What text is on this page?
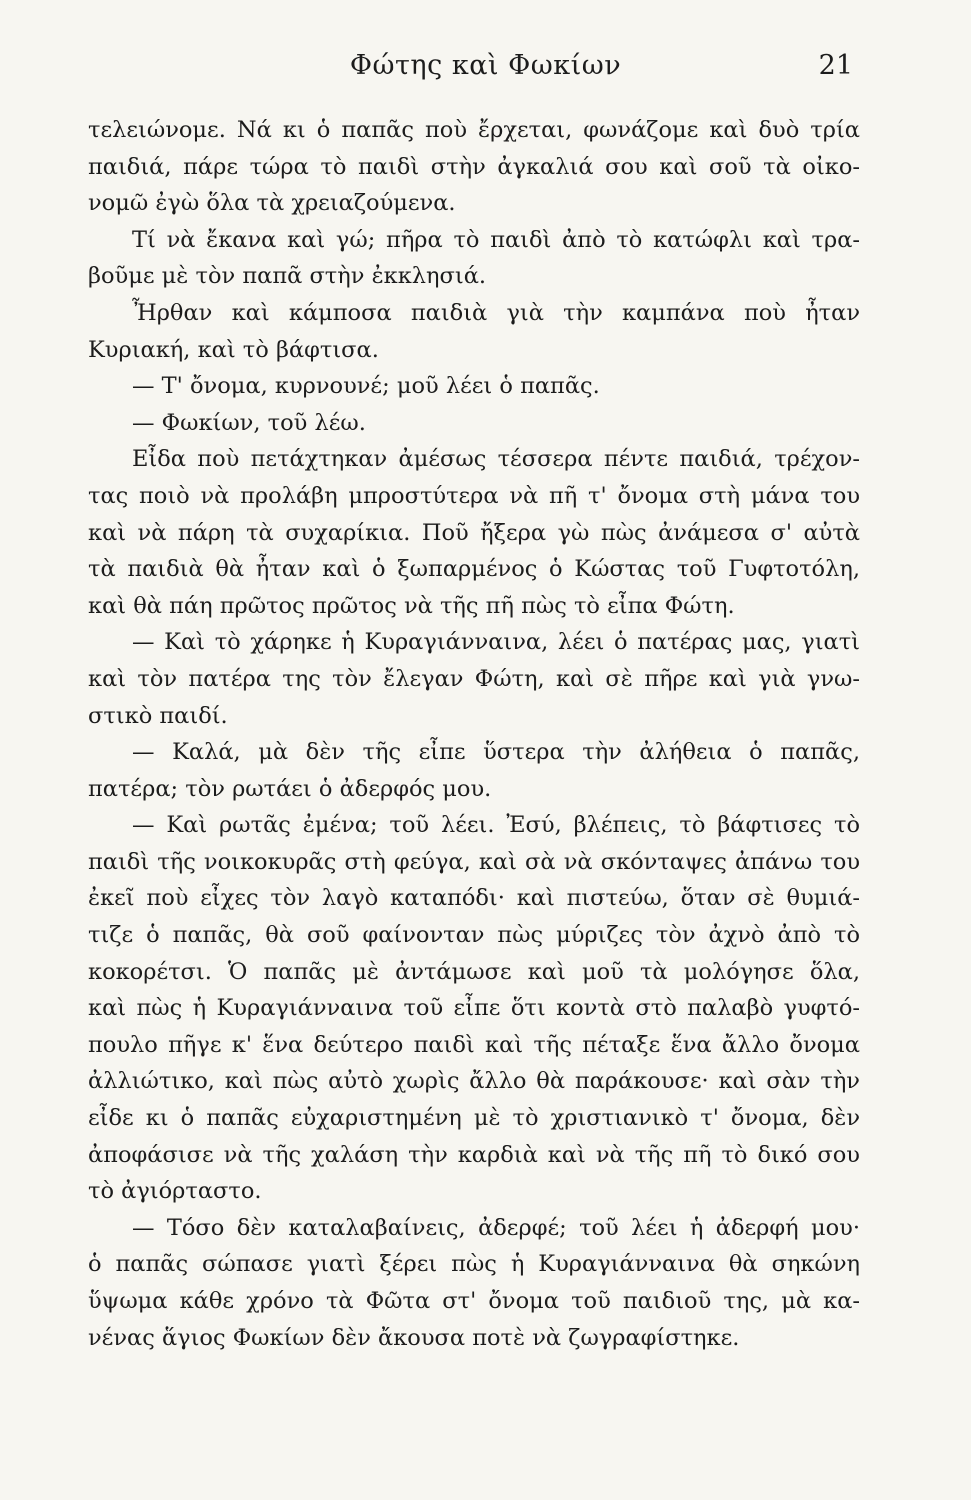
Φώτης καὶ Φωκίων	21
τελειώνομε. Νά κι ὁ παπᾶς ποὺ ἔρχεται, φωνάζομε καὶ δυὸ τρία
παιδιά, πάρε τώρα τὸ παιδὶ στὴν ἀγκαλιά σου καὶ σοῦ τὰ οἰκο-
νομῶ ἐγὼ ὅλα τὰ χρειαζούμενα.
Τί νὰ ἔκανα καὶ γώ; πῆρα τὸ παιδὶ ἀπὸ τὸ κατώφλι καὶ τρα-
βοῦμε μὲ τὸν παπᾶ στὴν ἐκκλησιά.
Ἦρθαν καὶ κάμποσα παιδιὰ γιὰ τὴν καμπάνα ποὺ ἦταν
Κυριακή, καὶ τὸ βάφτισα.
— Τ' ὄνομα, κυρνουνέ; μοῦ λέει ὁ παπᾶς.
— Φωκίων, τοῦ λέω.
Εἶδα ποὺ πετάχτηκαν ἀμέσως τέσσερα πέντε παιδιά, τρέχον-
τας ποιὸ νὰ προλάβη μπροστύτερα νὰ πῆ τ' ὄνομα στὴ μάνα του
καὶ νὰ πάρη τὰ συχαρίκια. Ποῦ ἤξερα γὼ πὼς ἀνάμεσα σ' αὐτὰ
τὰ παιδιὰ θὰ ἦταν καὶ ὁ ξωπαρμένος ὁ Κώστας τοῦ Γυφτοτόλη,
καὶ θὰ πάη πρῶτος πρῶτος νὰ τῆς πῆ πὼς τὸ εἶπα Φώτη.
— Καὶ τὸ χάρηκε ἡ Κυραγιάνναινα, λέει ὁ πατέρας μας, γιατὶ
καὶ τὸν πατέρα της τὸν ἔλεγαν Φώτη, καὶ σὲ πῆρε καὶ γιὰ γνω-
στικὸ παιδί.
— Καλά, μὰ δὲν τῆς εἶπε ὕστερα τὴν ἀλήθεια ὁ παπᾶς,
πατέρα; τὸν ρωτάει ὁ ἀδερφός μου.
— Καὶ ρωτᾶς ἐμένα; τοῦ λέει. Ἐσύ, βλέπεις, τὸ βάφτισες τὸ
παιδὶ τῆς νοικοκυρᾶς στὴ φεύγα, καὶ σὰ νὰ σκόνταψες ἀπάνω του
ἐκεῖ ποὺ εἶχες τὸν λαγὸ καταπόδι· καὶ πιστεύω, ὅταν σὲ θυμιά-
τιζε ὁ παπᾶς, θὰ σοῦ φαίνονταν πὼς μύριζες τὸν ἀχνὸ ἀπὸ τὸ
κοκορέτσι. Ὁ παπᾶς μὲ ἀντάμωσε καὶ μοῦ τὰ μολόγησε ὅλα,
καὶ πὼς ἡ Κυραγιάνναινα τοῦ εἶπε ὅτι κοντὰ στὸ παλαβὸ γυφτό-
πουλο πῆγε κ' ἕνα δεύτερο παιδὶ καὶ τῆς πέταξε ἕνα ἄλλο ὄνομα
ἀλλιώτικο, καὶ πὼς αὐτὸ χωρὶς ἄλλο θὰ παράκουσε· καὶ σὰν τὴν
εἶδε κι ὁ παπᾶς εὐχαριστημένη μὲ τὸ χριστιανικὸ τ' ὄνομα, δὲν
ἀποφάσισε νὰ τῆς χαλάση τὴν καρδιὰ καὶ νὰ τῆς πῆ τὸ δικό σου
τὸ ἀγιόρταστο.
— Τόσο δὲν καταλαβαίνεις, ἀδερφέ; τοῦ λέει ἡ ἀδερφή μου·
ὁ παπᾶς σώπασε γιατὶ ξέρει πὼς ἡ Κυραγιάνναινα θὰ σηκώνη
ὕψωμα κάθε χρόνο τὰ Φῶτα στ' ὄνομα τοῦ παιδιοῦ της, μὰ κα-
νένας ἅγιος Φωκίων δὲν ἄκουσα ποτὲ νὰ ζωγραφίστηκε.
